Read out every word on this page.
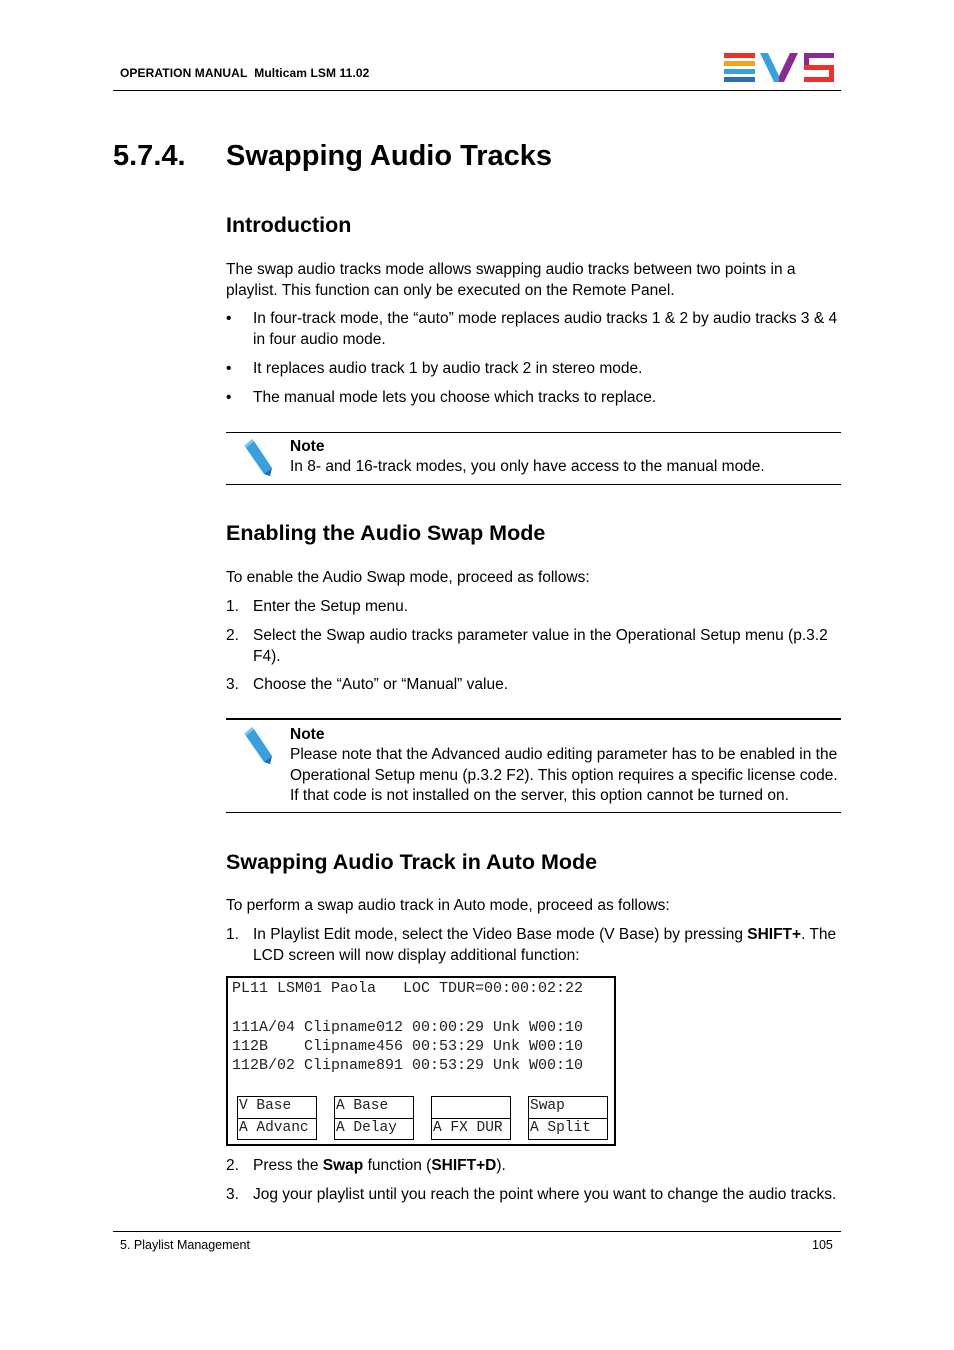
OPERATION MANUAL Multicam LSM 11.02
5.7.4. Swapping Audio Tracks
Introduction
The swap audio tracks mode allows swapping audio tracks between two points in a
playlist. This function can only be executed on the Remote Panel.
• In four-track mode, the “auto” mode replaces audio tracks 1 & 2 by audio tracks 3 & 4
in four audio mode.
• It replaces audio track 1 by audio track 2 in stereo mode.
• The manual mode lets you choose which tracks to replace.
Note
In 8- and 16-track modes, you only have access to the manual mode.
Enabling the Audio Swap Mode
To enable the Audio Swap mode, proceed as follows:
1. Enter the Setup menu.
2. Select the Swap audio tracks parameter value in the Operational Setup menu (p.3.2
F4).
3. Choose the “Auto” or “Manual” value.
Note
Please note that the Advanced audio editing parameter has to be enabled in the
Operational Setup menu (p.3.2 F2). This option requires a specific license code.
If that code is not installed on the server, this option cannot be turned on.
Swapping Audio Track in Auto Mode
To perform a swap audio track in Auto mode, proceed as follows:
1. In Playlist Edit mode, select the Video Base mode (V Base) by pressing SHIFT+. The
LCD screen will now display additional function:
PL11 LSM01 Paola   LOC TDUR=00:00:02:22
111A/04 Clipname012 00:00:29 Unk W00:10
112B    Clipname456 00:53:29 Unk W00:10
112B/02 Clipname891 00:53:29 Unk W00:10
V Base
A Advanc
A Base
A Delay A FX DUR
Swap
A Split
2. Press the Swap function (SHIFT+D).
3. Jog your playlist until you reach the point where you want to change the audio tracks.
5. Playlist Management	105
